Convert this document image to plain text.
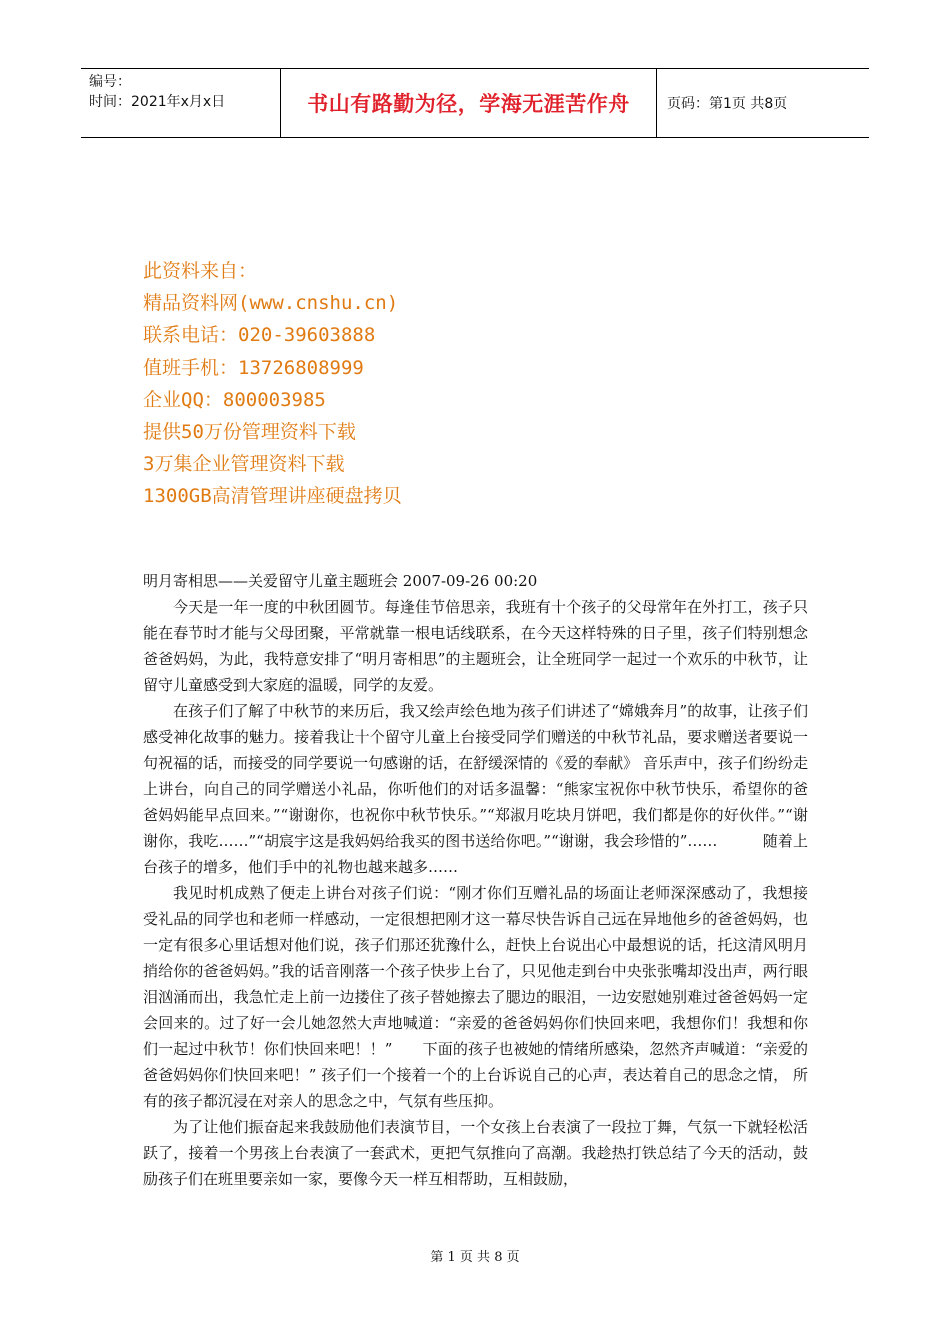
编号：
时间：2021年x月x日	书山有路勤为径，学海无涯苦作舟	页码：第1页 共8页
此资料来自：
精品资料网(www.cnshu.cn)
联系电话：020-39603888
值班手机：13726808999
企业QQ：800003985
提供50万份管理资料下载
3万集企业管理资料下载
1300GB高清管理讲座硬盘拷贝

明月寄相思——关爱留守儿童主题班会 2007-09-26 00:20

今天是一年一度的中秋团圆节。每逢佳节倍思亲，我班有十个孩子的父母常年在外打工，孩子只能在春节时才能与父母团聚，平常就靠一根电话线联系，在今天这样特殊的日子里，孩子们特别想念爸爸妈妈，为此，我特意安排了“明月寄相思”的主题班会，让全班同学一起过一个欢乐的中秋节，让留守儿童感受到大家庭的温暖，同学的友爱。

在孩子们了解了中秋节的来历后，我又绘声绘色地为孩子们讲述了“嫦娥奔月”的故事，让孩子们感受神化故事的魅力。接着我让十个留守儿童上台接受同学们赠送的中秋节礼品，要求赠送者要说一句祝福的话，而接受的同学要说一句感谢的话，在舒缓深情的《爱的奉献》 音乐声中，孩子们纷纷走上讲台，向自己的同学赠送小礼品，你听他们的对话多温馨：“熊家宝祝你中秋节快乐，希望你的爸爸妈妈能早点回来。”“谢谢你，也祝你中秋节快乐。”“郑淑月吃块月饼吧，我们都是你的好伙伴。”“谢谢你，我吃……”“胡宸宇这是我妈妈给我买的图书送给你吧。”“谢谢，我会珍惜的”……　　　随着上台孩子的增多，他们手中的礼物也越来越多……

我见时机成熟了便走上讲台对孩子们说：“刚才你们互赠礼品的场面让老师深深感动了，我想接受礼品的同学也和老师一样感动，一定很想把刚才这一幕尽快告诉自己远在异地他乡的爸爸妈妈，也一定有很多心里话想对他们说，孩子们那还犹豫什么，赶快上台说出心中最想说的话，托这清风明月捎给你的爸爸妈妈。”我的话音刚落一个孩子快步上台了，只见他走到台中央张张嘴却没出声，两行眼泪汹涌而出，我急忙走上前一边搂住了孩子替她擦去了腮边的眼泪，一边安慰她别难过爸爸妈妈一定会回来的。过了好一会儿她忽然大声地喊道：“亲爱的爸爸妈妈你们快回来吧，我想你们！我想和你们一起过中秋节！你们快回来吧！！”　　下面的孩子也被她的情绪所感染，忽然齐声喊道：“亲爱的爸爸妈妈你们快回来吧！” 孩子们一个接着一个的上台诉说自己的心声，表达着自己的思念之情， 所有的孩子都沉浸在对亲人的思念之中，气氛有些压抑。

为了让他们振奋起来我鼓励他们表演节目，一个女孩上台表演了一段拉丁舞，气氛一下就轻松活跃了，接着一个男孩上台表演了一套武术，更把气氛推向了高潮。我趁热打铁总结了今天的活动，鼓励孩子们在班里要亲如一家，要像今天一样互相帮助，互相鼓励，

第 1 页 共 8 页
